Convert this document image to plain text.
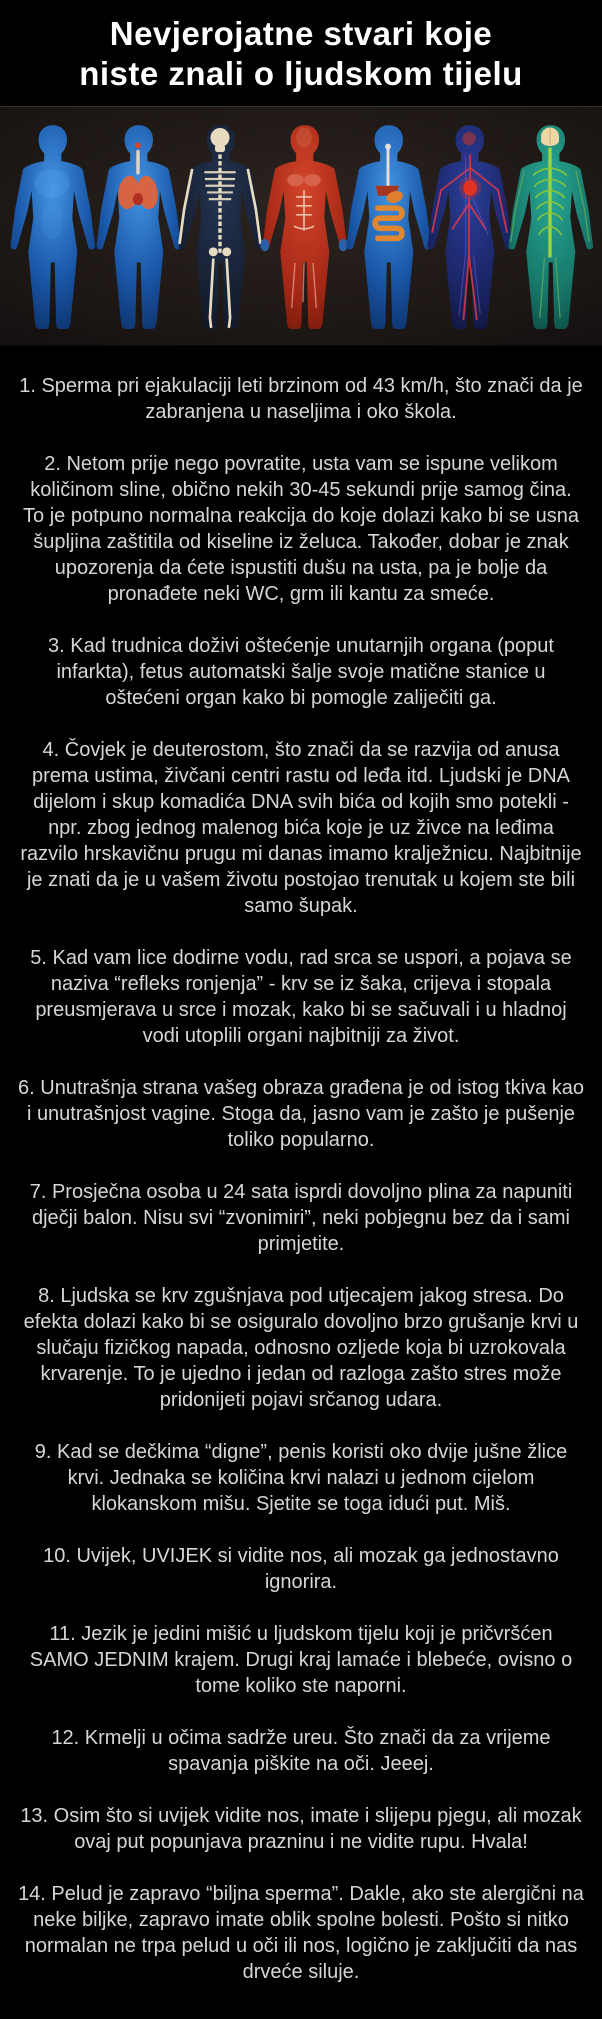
Nevjerojatne stvari koje
niste znali o ljudskom tijelu

1. Sperma pri ejakulaciji leti brzinom od 43 km/h, što znači da je zabranjena u naseljima i oko škola.

2. Netom prije nego povratite, usta vam se ispune velikom količinom sline, obično nekih 30-45 sekundi prije samog čina. To je potpuno normalna reakcija do koje dolazi kako bi se usna šupljina zaštitila od kiseline iz želuca. Također, dobar je znak upozorenja da ćete ispustiti dušu na usta, pa je bolje da pronađete neki WC, grm ili kantu za smeće.

3. Kad trudnica doživi oštećenje unutarnjih organa (poput infarkta), fetus automatski šalje svoje matične stanice u oštećeni organ kako bi pomogle zaliječiti ga.

4. Čovjek je deuterostom, što znači da se razvija od anusa prema ustima, živčani centri rastu od leđa itd. Ljudski je DNA dijelom i skup komadića DNA svih bića od kojih smo potekli - npr. zbog jednog malenog bića koje je uz živce na leđima razvilo hrskavičnu prugu mi danas imamo kralježnicu. Najbitnije je znati da je u vašem životu postojao trenutak u kojem ste bili samo šupak.

5. Kad vam lice dodirne vodu, rad srca se uspori, a pojava se naziva “refleks ronjenja” - krv se iz šaka, crijeva i stopala preusmjerava u srce i mozak, kako bi se sačuvali i u hladnoj vodi utoplili organi najbitniji za život.

6. Unutrašnja strana vašeg obraza građena je od istog tkiva kao i unutrašnjost vagine. Stoga da, jasno vam je zašto je pušenje toliko popularno.

7. Prosječna osoba u 24 sata isprdi dovoljno plina za napuniti dječji balon. Nisu svi “zvonimiri”, neki pobjegnu bez da i sami primjetite.

8. Ljudska se krv zgušnjava pod utjecajem jakog stresa. Do efekta dolazi kako bi se osiguralo dovoljno brzo grušanje krvi u slučaju fizičkog napada, odnosno ozljede koja bi uzrokovala krvarenje. To je ujedno i jedan od razloga zašto stres može pridonijeti pojavi srčanog udara.

9. Kad se dečkima “digne”, penis koristi oko dvije jušne žlice krvi. Jednaka se količina krvi nalazi u jednom cijelom klokanskom mišu. Sjetite se toga idući put. Miš.

10. Uvijek, UVIJEK si vidite nos, ali mozak ga jednostavno ignorira.

11. Jezik je jedini mišić u ljudskom tijelu koji je pričvršćen SAMO JEDNIM krajem. Drugi kraj lamaće i blebeće, ovisno o tome koliko ste naporni.

12. Krmelji u očima sadrže ureu. Što znači da za vrijeme spavanja piškite na oči. Jeeej.

13. Osim što si uvijek vidite nos, imate i slijepu pjegu, ali mozak ovaj put popunjava prazninu i ne vidite rupu. Hvala!

14. Pelud je zapravo “biljna sperma”. Dakle, ako ste alergični na neke biljke, zapravo imate oblik spolne bolesti. Pošto si nitko normalan ne trpa pelud u oči ili nos, logično je zaključiti da nas drveće siluje.
